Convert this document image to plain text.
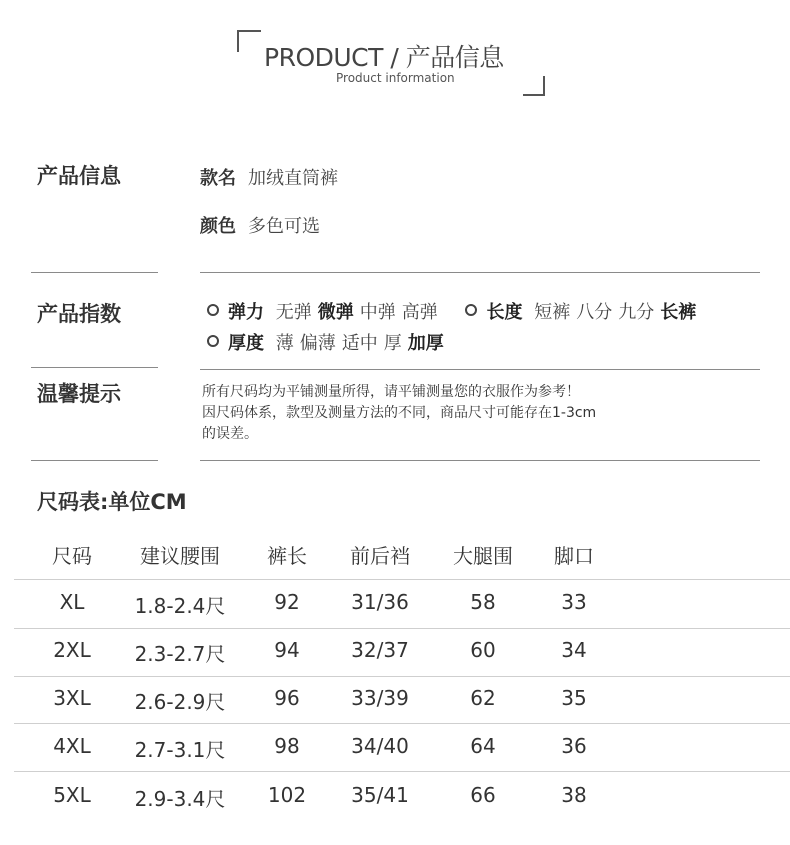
PRODUCT / 产品信息
Product information
产品信息	款名 加绒直筒裤
颜色 多色可选
产品指数	弹力 无弹 微弹 中弹 高弹	长度 短裤 八分 九分 长裤
厚度 薄 偏薄 适中 厚 加厚
温馨提示	所有尺码均为平铺测量所得，请平铺测量您的衣服作为参考！
因尺码体系，款型及测量方法的不同，商品尺寸可能存在1-3cm
的误差。
尺码表:单位CM
尺码 建议腰围 裤长 前后裆 大腿围 脚口
XL	1.8-2.4尺 92	31/36	58	33
2XL 2.3-2.7尺 94	32/37	60	34
3XL 2.6-2.9尺 96	33/39	62	35
4XL 2.7-3.1尺 98	34/40	64	36
5XL 2.9-3.4尺 102 35/41	66	38
